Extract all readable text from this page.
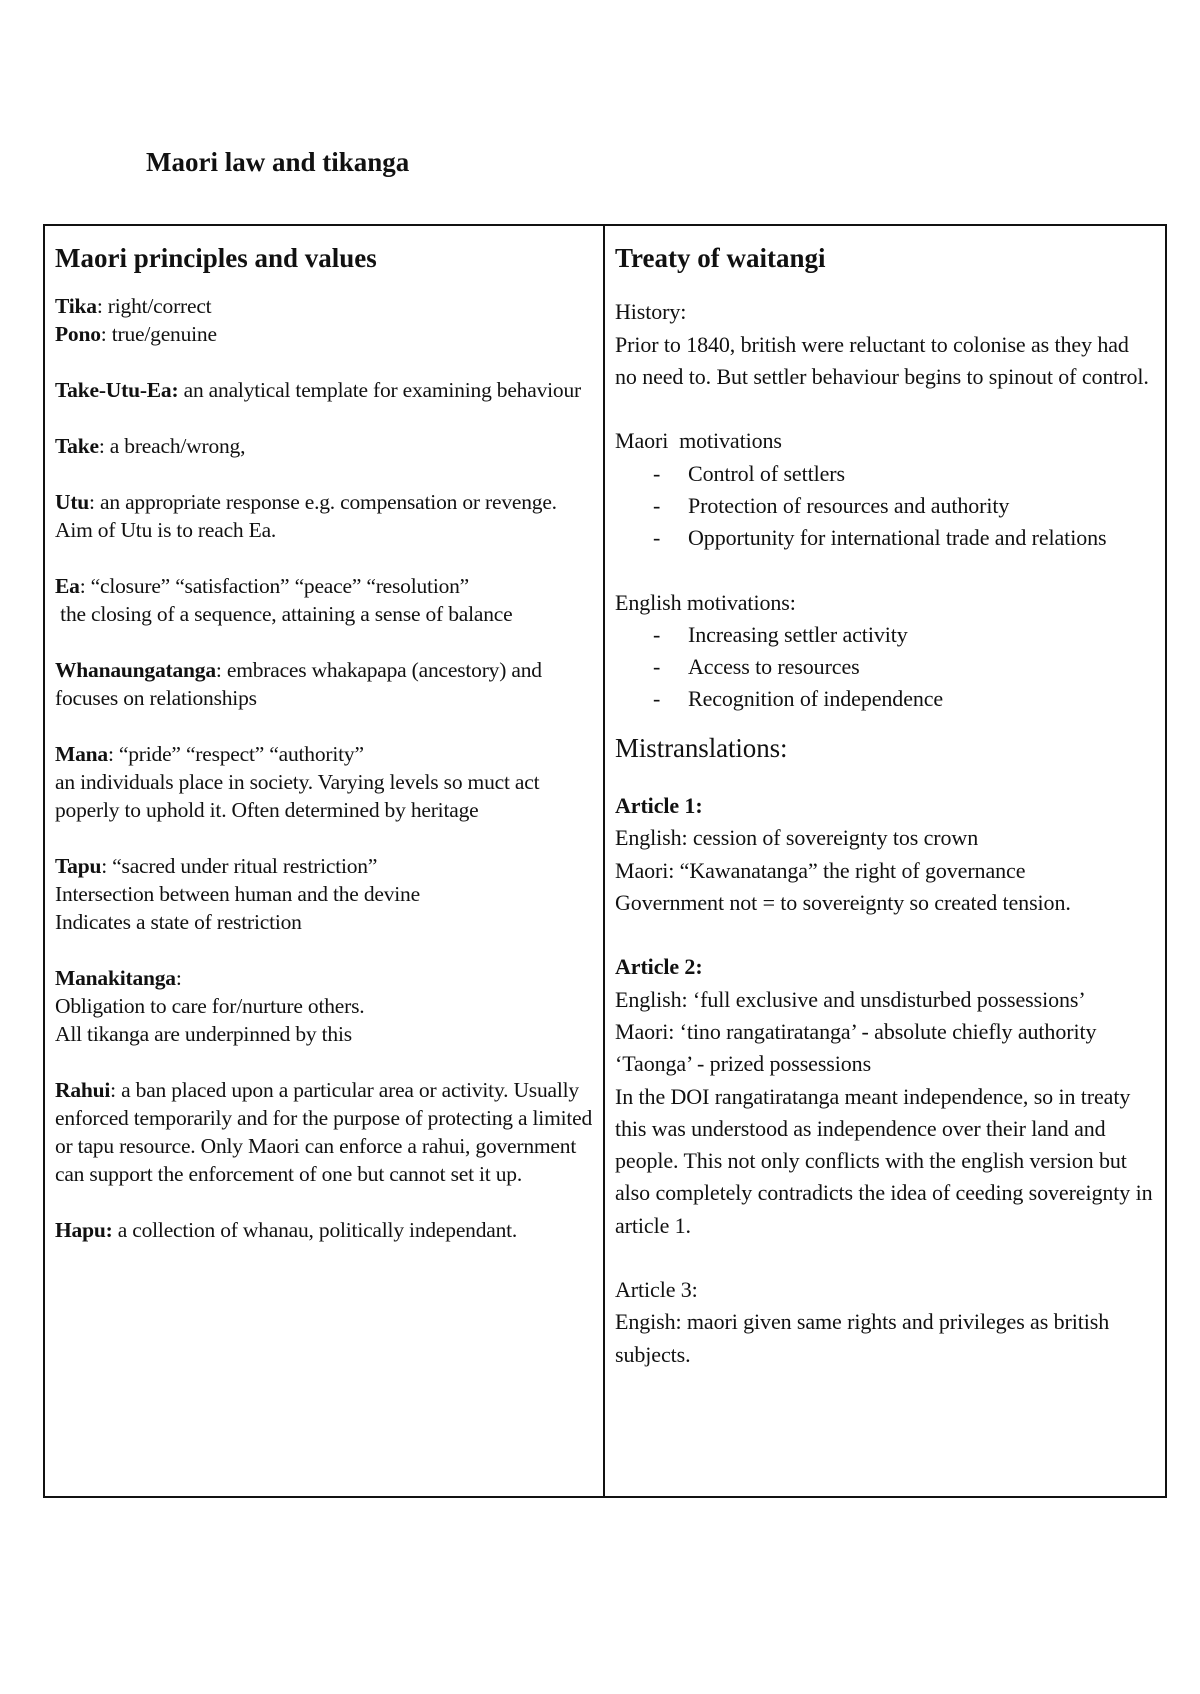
Maori law and tikanga
Maori principles and values

Tika: right/correct

Pono: true/genuine

Take-Utu-Ea: an analytical template for examining behaviour

Take: a breach/wrong,

Utu: an appropriate response e.g. compensation or revenge. Aim of Utu is to reach Ea.

Ea: “closure” “satisfaction” “peace” “resolution”
the closing of a sequence, attaining a sense of balance

Whanaungatanga: embraces whakapapa (ancestory) and focuses on relationships

Mana: “pride” “respect” “authority”
an individuals place in society. Varying levels so muct act poperly to uphold it. Often determined by heritage

Tapu: “sacred under ritual restriction”
Intersection between human and the devine
Indicates a state of restriction

Manakitanga:
Obligation to care for/nurture others.
All tikanga are underpinned by this

Rahui: a ban placed upon a particular area or activity. Usually enforced temporarily and for the purpose of protecting a limited or tapu resource. Only Maori can enforce a rahui, government can support the enforcement of one but cannot set it up.

Hapu: a collection of whanau, politically independant.

Treaty of waitangi

History:

Prior to 1840, british were reluctant to colonise as they had no need to. But settler behaviour begins to spinout of control.

Maori  motivations

- Control of settlers
- Protection of resources and authority
- Opportunity for international trade and relations

English motivations:

- Increasing settler activity
- Access to resources
- Recognition of independence
Mistranslations:

Article 1:

English: cession of sovereignty tos crown

Maori: “Kawanatanga” the right of governance

Government not = to sovereignty so created tension.

Article 2:

English: ‘full exclusive and unsdisturbed possessions’

Maori: ‘tino rangatiratanga’ - absolute chiefly authority

‘Taonga’ - prized possessions

In the DOI rangatiratanga meant independence, so in treaty this was understood as independence over their land and people. This not only conflicts with the english version but also completely contradicts the idea of ceeding sovereignty in article 1.

Article 3:

Engish: maori given same rights and privileges as british subjects.
